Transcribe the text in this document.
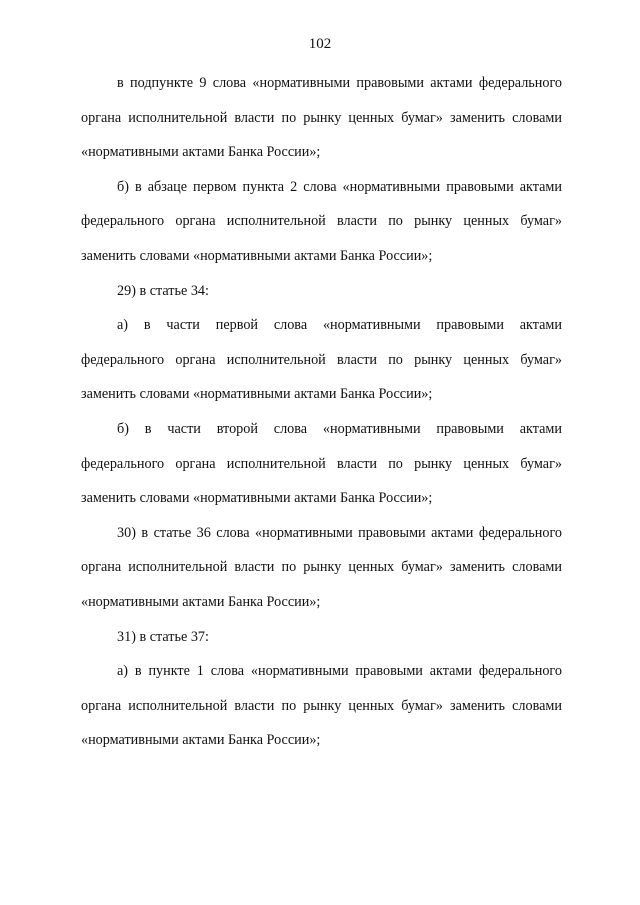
102

в подпунктe 9 слова «нормативными правовыми актами федерального органа исполнительной власти по рынку ценных бумаг» заменить словами «нормативными актами Банка России»;

б) в абзаце первом пункта 2 слова «нормативными правовыми актами федерального органа исполнительной власти по рынку ценных бумаг» заменить словами «нормативными актами Банка России»;

29) в статье 34:

а) в части первой слова «нормативными правовыми актами федерального органа исполнительной власти по рынку ценных бумаг» заменить словами «нормативными актами Банка России»;

б) в части второй слова «нормативными правовыми актами федерального органа исполнительной власти по рынку ценных бумаг» заменить словами «нормативными актами Банка России»;

30) в статье 36 слова «нормативными правовыми актами федерального органа исполнительной власти по рынку ценных бумаг» заменить словами «нормативными актами Банка России»;

31) в статье 37:

а) в пункте 1 слова «нормативными правовыми актами федерального органа исполнительной власти по рынку ценных бумаг» заменить словами «нормативными актами Банка России»;
